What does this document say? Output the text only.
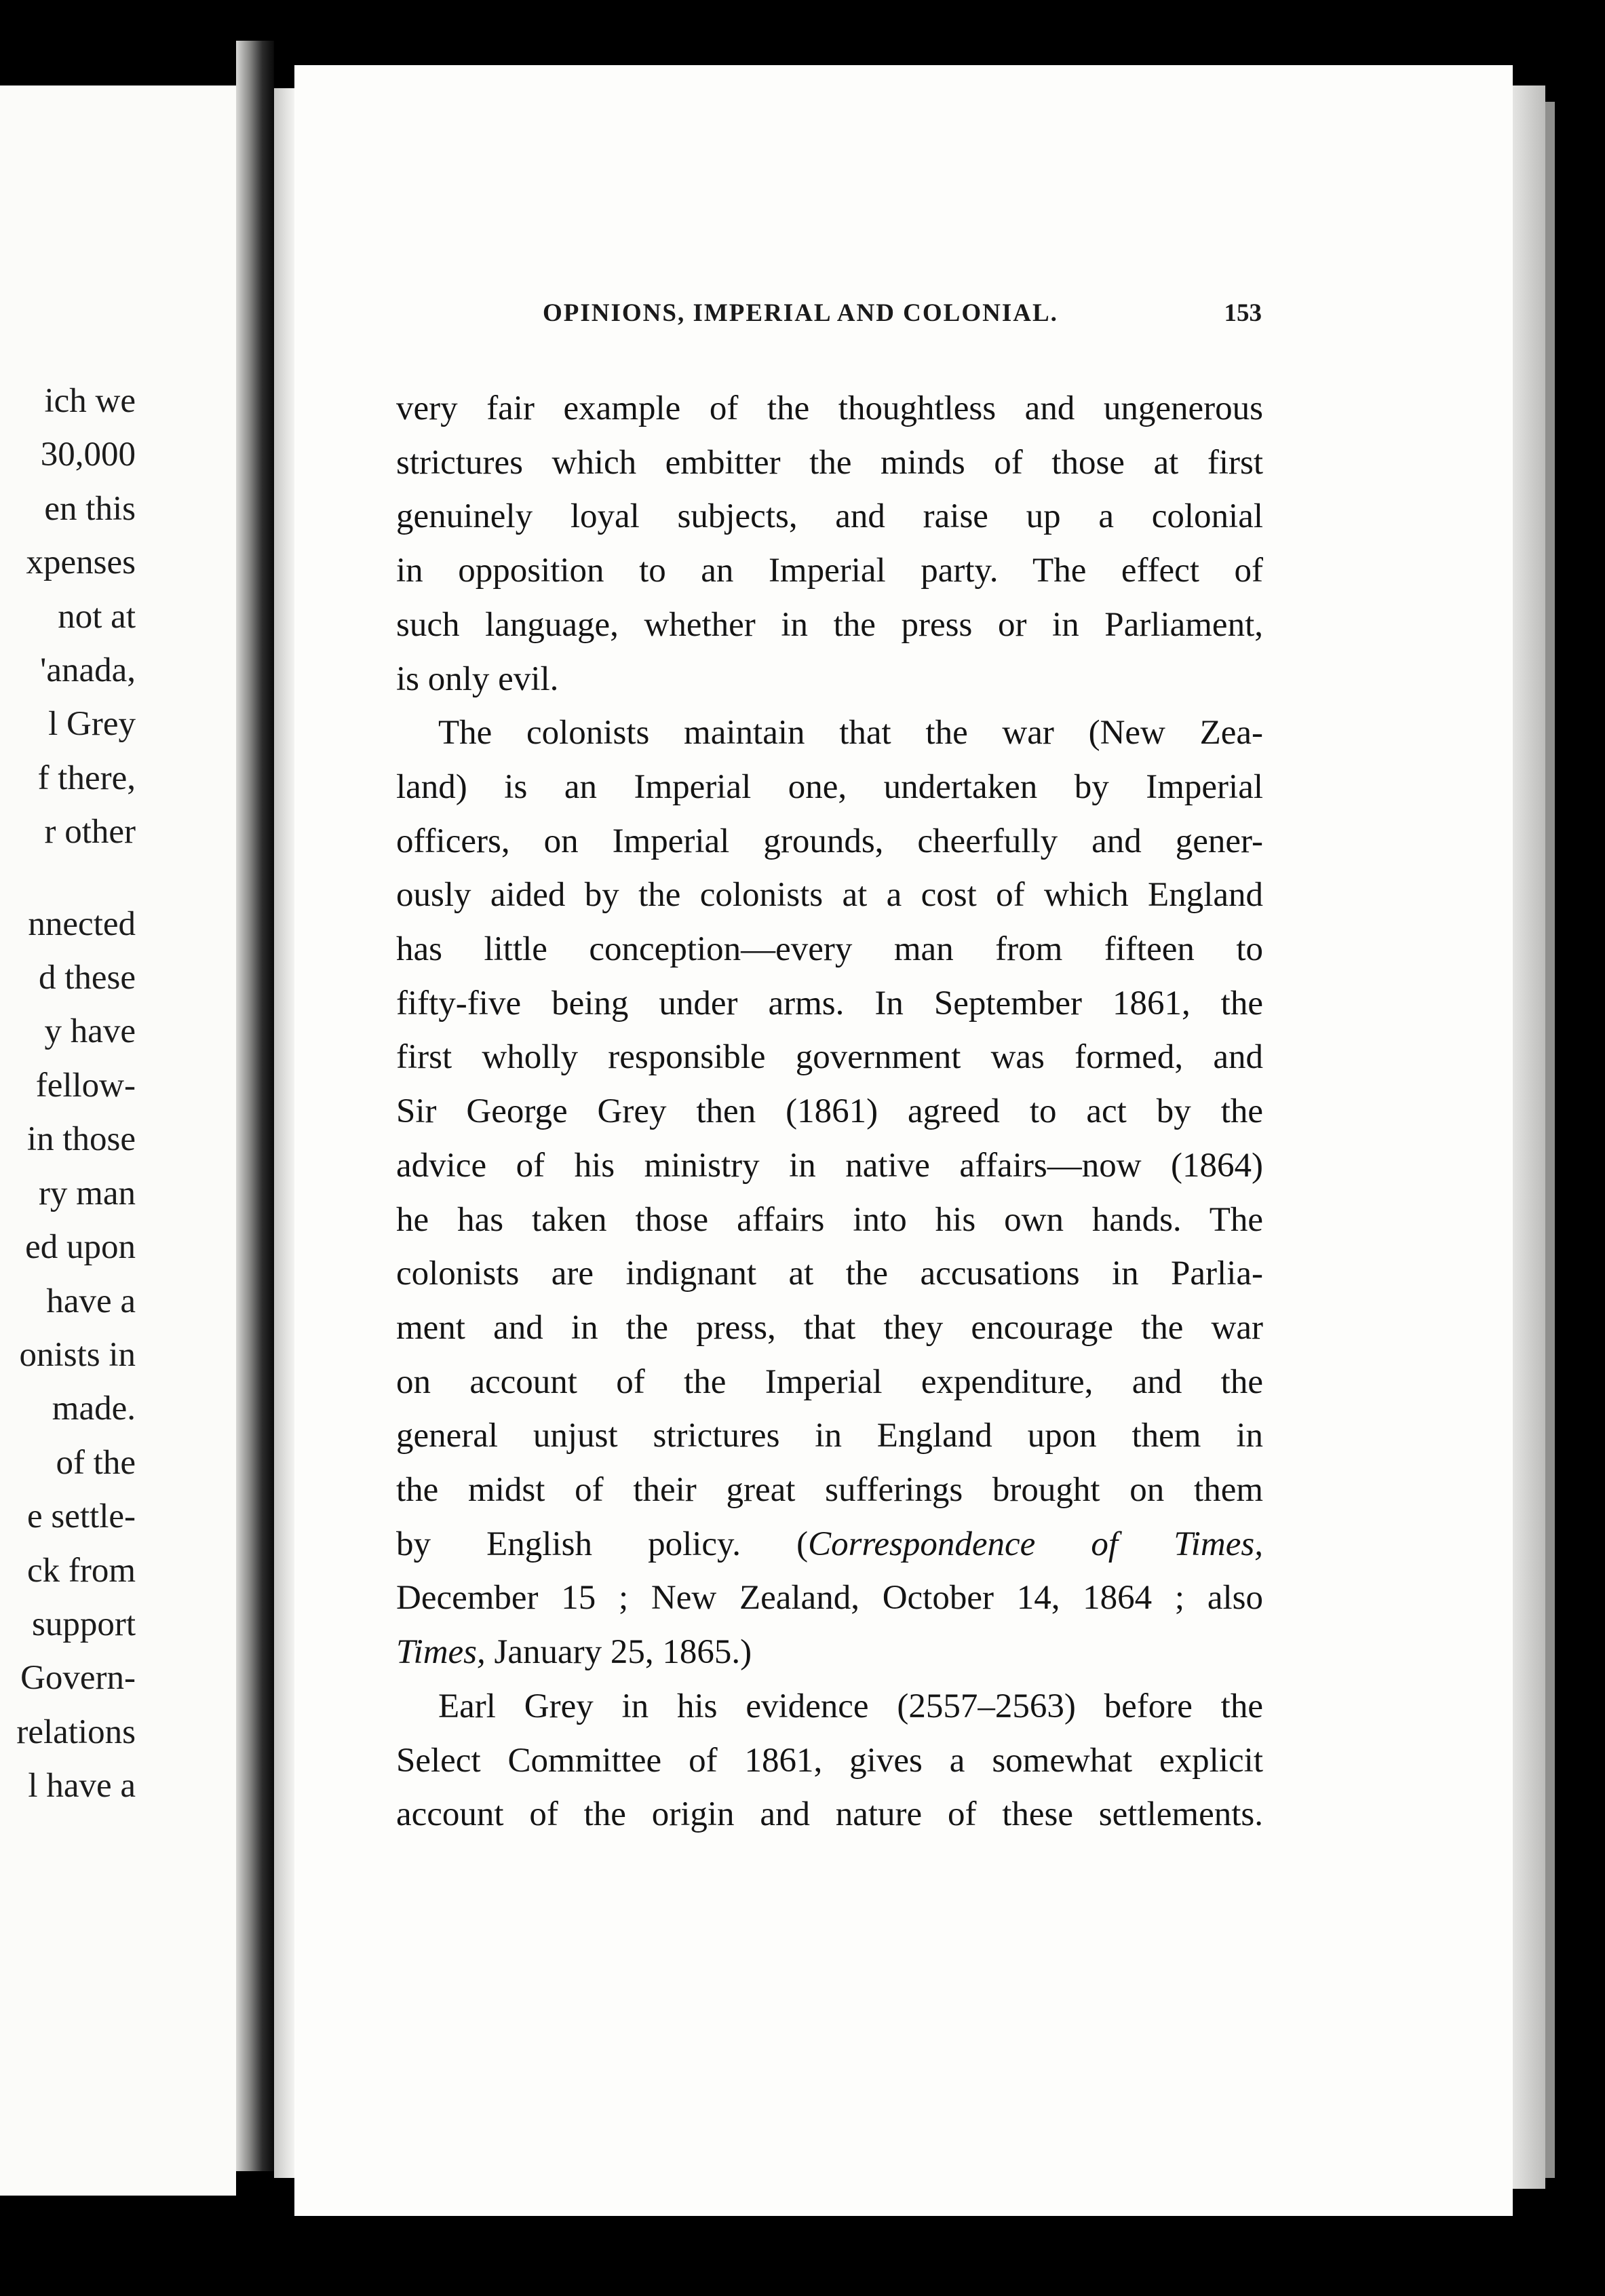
ich we
30,000
en this
xpenses
not at
'anada,
l Grey
f there,
r other
nnected
d these
y have
fellow-
in those
ry man
ed upon
have a
onists in
made.
of the
e settle-
ck from
support
Govern-
relations
l have a
OPINIONS, IMPERIAL AND COLONIAL.	153
very fair example of the thoughtless and ungenerous
strictures which embitter the minds of those at first
genuinely loyal subjects, and raise up a colonial
in opposition to an Imperial party. The effect of
such language, whether in the press or in Parliament,
is only evil.
The colonists maintain that the war (New Zea-
land) is an Imperial one, undertaken by Imperial
officers, on Imperial grounds, cheerfully and gener-
ously aided by the colonists at a cost of which England
has little conception—every man from fifteen to
fifty-five being under arms. In September 1861, the
first wholly responsible government was formed, and
Sir George Grey then (1861) agreed to act by the
advice of his ministry in native affairs—now (1864)
he has taken those affairs into his own hands. The
colonists are indignant at the accusations in Parlia-
ment and in the press, that they encourage the war
on account of the Imperial expenditure, and the
general unjust strictures in England upon them in
the midst of their great sufferings brought on them
by English policy. (Correspondence of Times,
December 15 ; New Zealand, October 14, 1864 ; also
Times, January 25, 1865.)
Earl Grey in his evidence (2557–2563) before the
Select Committee of 1861, gives a somewhat explicit
account of the origin and nature of these settlements.
